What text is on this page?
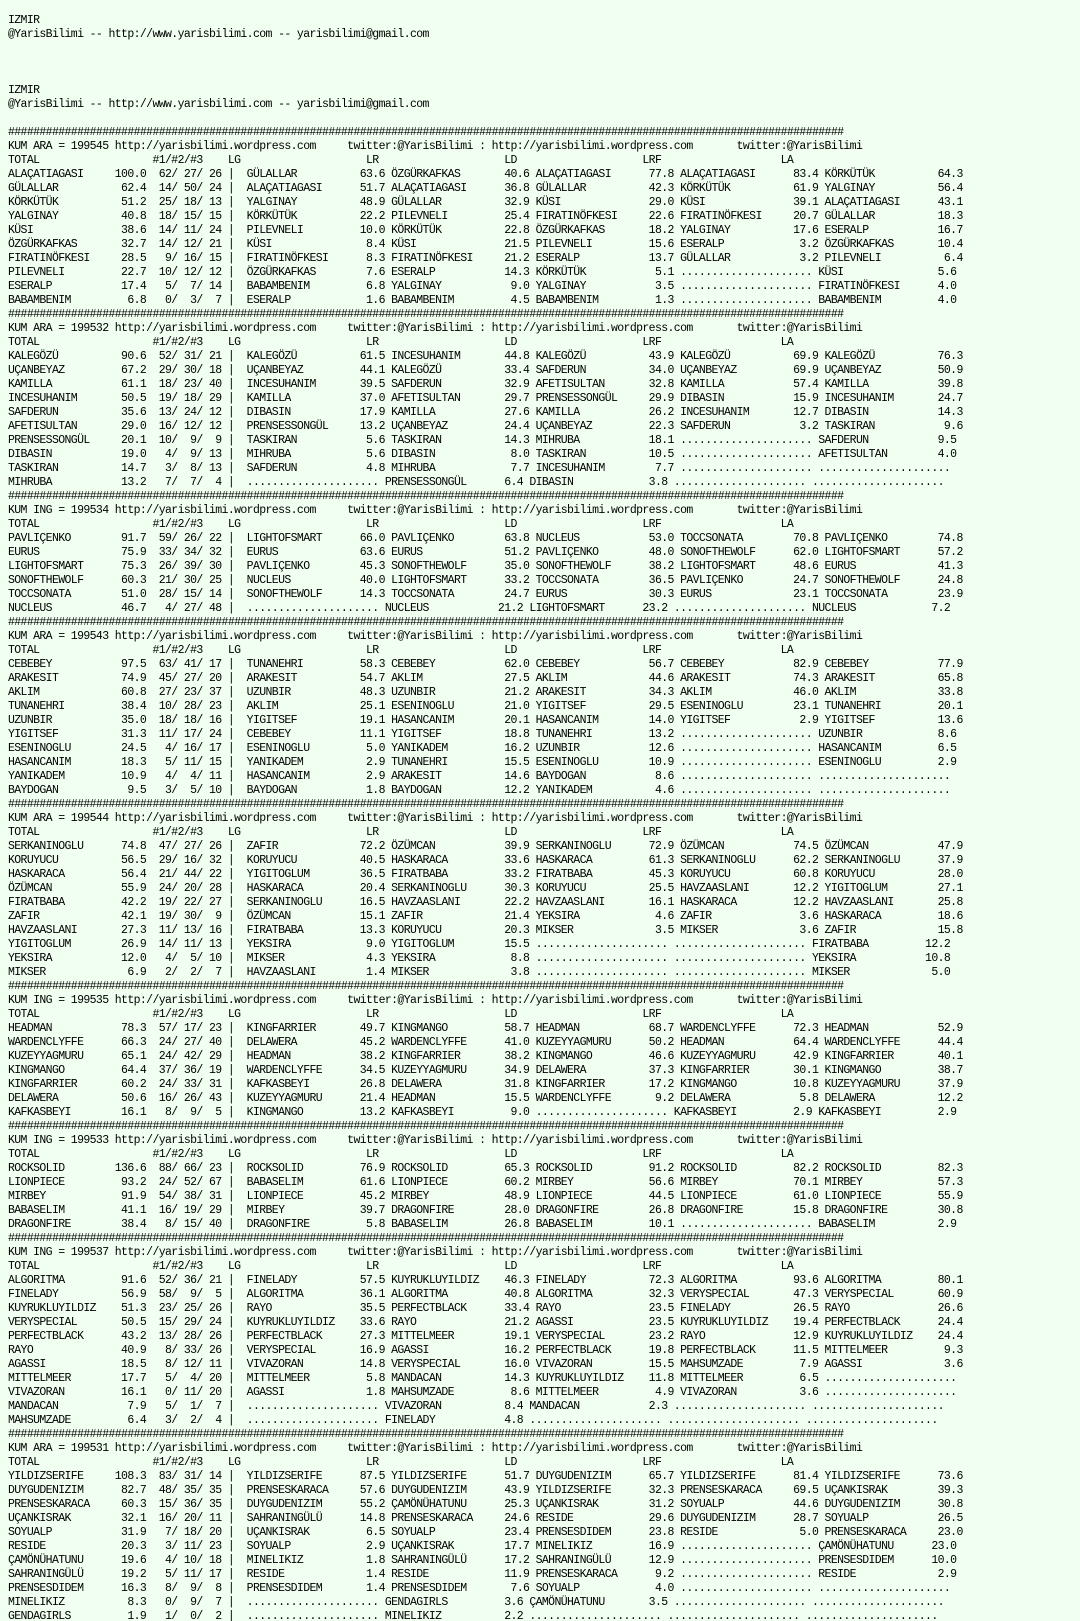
IZMIR
@YarisBilimi -- http://www.yarisbilimi.com -- yarisbilimi@gmail.com

IZMIR
@YarisBilimi -- http://www.yarisbilimi.com -- yarisbilimi@gmail.com

#####################################################################################################################################
KUM ARA = 199545 http://yarisbilimi.wordpress.com     twitter:@YarisBilimi : http://yarisbilimi.wordpress.com       twitter:@YarisBilimi
TOTAL                  #1/#2/#3    LG                    LR                    LD                    LRF                   LA
ALAÇATIAGASI     100.0  62/ 27/ 26 |  GÜLALLAR          63.6 ÖZGÜRKAFKAS       40.6 ALAÇATIAGASI      77.8 ALAÇATIAGASI      83.4 KÖRKÜTÜK          64.3
GÜLALLAR          62.4  14/ 50/ 24 |  ALAÇATIAGASI      51.7 ALAÇATIAGASI      36.8 GÜLALLAR          42.3 KÖRKÜTÜK          61.9 YALGINAY          56.4
KÖRKÜTÜK          51.2  25/ 18/ 13 |  YALGINAY          48.9 GÜLALLAR          32.9 KÜSI              29.0 KÜSI              39.1 ALAÇATIAGASI      43.1
YALGINAY          40.8  18/ 15/ 15 |  KÖRKÜTÜK          22.2 PILEVNELI         25.4 FIRATINÖFKESI     22.6 FIRATINÖFKESI     20.7 GÜLALLAR          18.3
KÜSI              38.6  14/ 11/ 24 |  PILEVNELI         10.0 KÖRKÜTÜK          22.8 ÖZGÜRKAFKAS       18.2 YALGINAY          17.6 ESERALP           16.7
ÖZGÜRKAFKAS       32.7  14/ 12/ 21 |  KÜSI               8.4 KÜSI              21.5 PILEVNELI         15.6 ESERALP            3.2 ÖZGÜRKAFKAS       10.4
FIRATINÖFKESI     28.5   9/ 16/ 15 |  FIRATINÖFKESI      8.3 FIRATINÖFKESI     21.2 ESERALP           13.7 GÜLALLAR           3.2 PILEVNELI          6.4
PILEVNELI         22.7  10/ 12/ 12 |  ÖZGÜRKAFKAS        7.6 ESERALP           14.3 KÖRKÜTÜK           5.1 ..................... KÜSI               5.6
ESERALP           17.4   5/  7/ 14 |  BABAMBENIM         6.8 YALGINAY           9.0 YALGINAY           3.5 ..................... FIRATINÖFKESI      4.0
BABAMBENIM         6.8   0/  3/  7 |  ESERALP            1.6 BABAMBENIM         4.5 BABAMBENIM         1.3 ..................... BABAMBENIM         4.0
#####################################################################################################################################
KUM ARA = 199532 http://yarisbilimi.wordpress.com     twitter:@YarisBilimi : http://yarisbilimi.wordpress.com       twitter:@YarisBilimi
TOTAL                  #1/#2/#3    LG                    LR                    LD                    LRF                   LA
KALEGÖZÜ          90.6  52/ 31/ 21 |  KALEGÖZÜ          61.5 INCESUHANIM       44.8 KALEGÖZÜ          43.9 KALEGÖZÜ          69.9 KALEGÖZÜ          76.3
UÇANBEYAZ         67.2  29/ 30/ 18 |  UÇANBEYAZ         44.1 KALEGÖZÜ          33.4 SAFDERUN          34.0 UÇANBEYAZ         69.9 UÇANBEYAZ         50.9
KAMILLA           61.1  18/ 23/ 40 |  INCESUHANIM       39.5 SAFDERUN          32.9 AFETISULTAN       32.8 KAMILLA           57.4 KAMILLA           39.8
INCESUHANIM       50.5  19/ 18/ 29 |  KAMILLA           37.0 AFETISULTAN       29.7 PRENSESSONGÜL     29.9 DIBASIN           15.9 INCESUHANIM       24.7
SAFDERUN          35.6  13/ 24/ 12 |  DIBASIN           17.9 KAMILLA           27.6 KAMILLA           26.2 INCESUHANIM       12.7 DIBASIN           14.3
AFETISULTAN       29.0  16/ 12/ 12 |  PRENSESSONGÜL     13.2 UÇANBEYAZ         24.4 UÇANBEYAZ         22.3 SAFDERUN           3.2 TASKIRAN           9.6
PRENSESSONGÜL     20.1  10/  9/  9 |  TASKIRAN           5.6 TASKIRAN          14.3 MIHRUBA           18.1 ..................... SAFDERUN           9.5
DIBASIN           19.0   4/  9/ 13 |  MIHRUBA            5.6 DIBASIN            8.0 TASKIRAN          10.5 ..................... AFETISULTAN        4.0
TASKIRAN          14.7   3/  8/ 13 |  SAFDERUN           4.8 MIHRUBA            7.7 INCESUHANIM        7.7 ..................... .....................
MIHRUBA           13.2   7/  7/  4 |  ..................... PRENSESSONGÜL      6.4 DIBASIN            3.8 ..................... .....................
#####################################################################################################################################
KUM ING = 199534 http://yarisbilimi.wordpress.com     twitter:@YarisBilimi : http://yarisbilimi.wordpress.com       twitter:@YarisBilimi
TOTAL                  #1/#2/#3    LG                    LR                    LD                    LRF                   LA
PAVLIÇENKO        91.7  59/ 26/ 22 |  LIGHTOFSMART      66.0 PAVLIÇENKO        63.8 NUCLEUS           53.0 TOCCSONATA        70.8 PAVLIÇENKO        74.8
EURUS             75.9  33/ 34/ 32 |  EURUS             63.6 EURUS             51.2 PAVLIÇENKO        48.0 SONOFTHEWOLF      62.0 LIGHTOFSMART      57.2
LIGHTOFSMART      75.3  26/ 39/ 30 |  PAVLIÇENKO        45.3 SONOFTHEWOLF      35.0 SONOFTHEWOLF      38.2 LIGHTOFSMART      48.6 EURUS             41.3
SONOFTHEWOLF      60.3  21/ 30/ 25 |  NUCLEUS           40.0 LIGHTOFSMART      33.2 TOCCSONATA        36.5 PAVLIÇENKO        24.7 SONOFTHEWOLF      24.8
TOCCSONATA        51.0  28/ 15/ 14 |  SONOFTHEWOLF      14.3 TOCCSONATA        24.7 EURUS             30.3 EURUS             23.1 TOCCSONATA        23.9
NUCLEUS           46.7   4/ 27/ 48 |  ..................... NUCLEUS           21.2 LIGHTOFSMART      23.2 ..................... NUCLEUS            7.2
#####################################################################################################################################
KUM ARA = 199543 http://yarisbilimi.wordpress.com     twitter:@YarisBilimi : http://yarisbilimi.wordpress.com       twitter:@YarisBilimi
TOTAL                  #1/#2/#3    LG                    LR                    LD                    LRF                   LA
CEBEBEY           97.5  63/ 41/ 17 |  TUNANEHRI         58.3 CEBEBEY           62.0 CEBEBEY           56.7 CEBEBEY           82.9 CEBEBEY           77.9
ARAKESIT          74.9  45/ 27/ 20 |  ARAKESIT          54.7 AKLIM             27.5 AKLIM             44.6 ARAKESIT          74.3 ARAKESIT          65.8
AKLIM             60.8  27/ 23/ 37 |  UZUNBIR           48.3 UZUNBIR           21.2 ARAKESIT          34.3 AKLIM             46.0 AKLIM             33.8
TUNANEHRI         38.4  10/ 28/ 23 |  AKLIM             25.1 ESENINOGLU        21.0 YIGITSEF          29.5 ESENINOGLU        23.1 TUNANEHRI         20.1
UZUNBIR           35.0  18/ 18/ 16 |  YIGITSEF          19.1 HASANCANIM        20.1 HASANCANIM        14.0 YIGITSEF           2.9 YIGITSEF          13.6
YIGITSEF          31.3  11/ 17/ 24 |  CEBEBEY           11.1 YIGITSEF          18.8 TUNANEHRI         13.2 ..................... UZUNBIR            8.6
ESENINOGLU        24.5   4/ 16/ 17 |  ESENINOGLU         5.0 YANIKADEM         16.2 UZUNBIR           12.6 ..................... HASANCANIM         6.5
HASANCANIM        18.3   5/ 11/ 15 |  YANIKADEM          2.9 TUNANEHRI         15.5 ESENINOGLU        10.9 ..................... ESENINOGLU         2.9
YANIKADEM         10.9   4/  4/ 11 |  HASANCANIM         2.9 ARAKESIT          14.6 BAYDOGAN           8.6 ..................... .....................
BAYDOGAN           9.5   3/  5/ 10 |  BAYDOGAN           1.8 BAYDOGAN          12.2 YANIKADEM          4.6 ..................... .....................
#####################################################################################################################################
KUM ARA = 199544 http://yarisbilimi.wordpress.com     twitter:@YarisBilimi : http://yarisbilimi.wordpress.com       twitter:@YarisBilimi
TOTAL                  #1/#2/#3    LG                    LR                    LD                    LRF                   LA
SERKANINOGLU      74.8  47/ 27/ 26 |  ZAFIR             72.2 ÖZÜMCAN           39.9 SERKANINOGLU      72.9 ÖZÜMCAN           74.5 ÖZÜMCAN           47.9
KORUYUCU          56.5  29/ 16/ 32 |  KORUYUCU          40.5 HASKARACA         33.6 HASKARACA         61.3 SERKANINOGLU      62.2 SERKANINOGLU      37.9
HASKARACA         56.4  21/ 44/ 22 |  YIGITOGLUM        36.5 FIRATBABA         33.2 FIRATBABA         45.3 KORUYUCU          60.8 KORUYUCU          28.0
ÖZÜMCAN           55.9  24/ 20/ 28 |  HASKARACA         20.4 SERKANINOGLU      30.3 KORUYUCU          25.5 HAVZAASLANI       12.2 YIGITOGLUM        27.1
FIRATBABA         42.2  19/ 22/ 27 |  SERKANINOGLU      16.5 HAVZAASLANI       22.2 HAVZAASLANI       16.1 HASKARACA         12.2 HAVZAASLANI       25.8
ZAFIR             42.1  19/ 30/  9 |  ÖZÜMCAN           15.1 ZAFIR             21.4 YEKSIRA            4.6 ZAFIR              3.6 HASKARACA         18.6
HAVZAASLANI       27.3  11/ 13/ 16 |  FIRATBABA         13.3 KORUYUCU          20.3 MIKSER             3.5 MIKSER             3.6 ZAFIR             15.8
YIGITOGLUM        26.9  14/ 11/ 13 |  YEKSIRA            9.0 YIGITOGLUM        15.5 ..................... ..................... FIRATBABA         12.2
YEKSIRA           12.0   4/  5/ 10 |  MIKSER             4.3 YEKSIRA            8.8 ..................... ..................... YEKSIRA           10.8
MIKSER             6.9   2/  2/  7 |  HAVZAASLANI        1.4 MIKSER             3.8 ..................... ..................... MIKSER             5.0
#####################################################################################################################################
KUM ING = 199535 http://yarisbilimi.wordpress.com     twitter:@YarisBilimi : http://yarisbilimi.wordpress.com       twitter:@YarisBilimi
TOTAL                  #1/#2/#3    LG                    LR                    LD                    LRF                   LA
HEADMAN           78.3  57/ 17/ 23 |  KINGFARRIER       49.7 KINGMANGO         58.7 HEADMAN           68.7 WARDENCLYFFE      72.3 HEADMAN           52.9
WARDENCLYFFE      66.3  24/ 27/ 40 |  DELAWERA          45.2 WARDENCLYFFE      41.0 KUZEYYAGMURU      50.2 HEADMAN           64.4 WARDENCLYFFE      44.4
KUZEYYAGMURU      65.1  24/ 42/ 29 |  HEADMAN           38.2 KINGFARRIER       38.2 KINGMANGO         46.6 KUZEYYAGMURU      42.9 KINGFARRIER       40.1
KINGMANGO         64.4  37/ 36/ 19 |  WARDENCLYFFE      34.5 KUZEYYAGMURU      34.9 DELAWERA          37.3 KINGFARRIER       30.1 KINGMANGO         38.7
KINGFARRIER       60.2  24/ 33/ 31 |  KAFKASBEYI        26.8 DELAWERA          31.8 KINGFARRIER       17.2 KINGMANGO         10.8 KUZEYYAGMURU      37.9
DELAWERA          50.6  16/ 26/ 43 |  KUZEYYAGMURU      21.4 HEADMAN           15.5 WARDENCLYFFE       9.2 DELAWERA           5.8 DELAWERA          12.2
KAFKASBEYI        16.1   8/  9/  5 |  KINGMANGO         13.2 KAFKASBEYI         9.0 ..................... KAFKASBEYI         2.9 KAFKASBEYI         2.9
#####################################################################################################################################
KUM ING = 199533 http://yarisbilimi.wordpress.com     twitter:@YarisBilimi : http://yarisbilimi.wordpress.com       twitter:@YarisBilimi
TOTAL                  #1/#2/#3    LG                    LR                    LD                    LRF                   LA
ROCKSOLID        136.6  88/ 66/ 23 |  ROCKSOLID         76.9 ROCKSOLID         65.3 ROCKSOLID         91.2 ROCKSOLID         82.2 ROCKSOLID         82.3
LIONPIECE         93.2  24/ 52/ 67 |  BABASELIM         61.6 LIONPIECE         60.2 MIRBEY            56.6 MIRBEY            70.1 MIRBEY            57.3
MIRBEY            91.9  54/ 38/ 31 |  LIONPIECE         45.2 MIRBEY            48.9 LIONPIECE         44.5 LIONPIECE         61.0 LIONPIECE         55.9
BABASELIM         41.1  16/ 19/ 29 |  MIRBEY            39.7 DRAGONFIRE        28.0 DRAGONFIRE        26.8 DRAGONFIRE        15.8 DRAGONFIRE        30.8
DRAGONFIRE        38.4   8/ 15/ 40 |  DRAGONFIRE         5.8 BABASELIM         26.8 BABASELIM         10.1 ..................... BABASELIM          2.9
#####################################################################################################################################
KUM ING = 199537 http://yarisbilimi.wordpress.com     twitter:@YarisBilimi : http://yarisbilimi.wordpress.com       twitter:@YarisBilimi
TOTAL                  #1/#2/#3    LG                    LR                    LD                    LRF                   LA
ALGORITMA         91.6  52/ 36/ 21 |  FINELADY          57.5 KUYRUKLUYILDIZ    46.3 FINELADY          72.3 ALGORITMA         93.6 ALGORITMA         80.1
FINELADY          56.9  58/  9/  5 |  ALGORITMA         36.1 ALGORITMA         40.8 ALGORITMA         32.3 VERYSPECIAL       47.3 VERYSPECIAL       60.9
KUYRUKLUYILDIZ    51.3  23/ 25/ 26 |  RAYO              35.5 PERFECTBLACK      33.4 RAYO              23.5 FINELADY          26.5 RAYO              26.6
VERYSPECIAL       50.5  15/ 29/ 24 |  KUYRUKLUYILDIZ    33.6 RAYO              21.2 AGASSI            23.5 KUYRUKLUYILDIZ    19.4 PERFECTBLACK      24.4
PERFECTBLACK      43.2  13/ 28/ 26 |  PERFECTBLACK      27.3 MITTELMEER        19.1 VERYSPECIAL       23.2 RAYO              12.9 KUYRUKLUYILDIZ    24.4
RAYO              40.9   8/ 33/ 26 |  VERYSPECIAL       16.9 AGASSI            16.2 PERFECTBLACK      19.8 PERFECTBLACK      11.5 MITTELMEER         9.3
AGASSI            18.5   8/ 12/ 11 |  VIVAZORAN         14.8 VERYSPECIAL       16.0 VIVAZORAN         15.5 MAHSUMZADE         7.9 AGASSI             3.6
MITTELMEER        17.7   5/  4/ 20 |  MITTELMEER         5.8 MANDACAN          14.3 KUYRUKLUYILDIZ    11.8 MITTELMEER         6.5 .....................
VIVAZORAN         16.1   0/ 11/ 20 |  AGASSI             1.8 MAHSUMZADE         8.6 MITTELMEER         4.9 VIVAZORAN          3.6 .....................
MANDACAN           7.9   5/  1/  7 |  ..................... VIVAZORAN          8.4 MANDACAN           2.3 ..................... .....................
MAHSUMZADE         6.4   3/  2/  4 |  ..................... FINELADY           4.8 ..................... ..................... .....................
#####################################################################################################################################
KUM ARA = 199531 http://yarisbilimi.wordpress.com     twitter:@YarisBilimi : http://yarisbilimi.wordpress.com       twitter:@YarisBilimi
TOTAL                  #1/#2/#3    LG                    LR                    LD                    LRF                   LA
YILDIZSERIFE     108.3  83/ 31/ 14 |  YILDIZSERIFE      87.5 YILDIZSERIFE      51.7 DUYGUDENIZIM      65.7 YILDIZSERIFE      81.4 YILDIZSERIFE      73.6
DUYGUDENIZIM      82.7  48/ 35/ 35 |  PRENSESKARACA     57.6 DUYGUDENIZIM      43.9 YILDIZSERIFE      32.3 PRENSESKARACA     69.5 UÇANKISRAK        39.3
PRENSESKARACA     60.3  15/ 36/ 35 |  DUYGUDENIZIM      55.2 ÇAMÖNÜHATUNU      25.3 UÇANKISRAK        31.2 SOYUALP           44.6 DUYGUDENIZIM      30.8
UÇANKISRAK        32.1  16/ 20/ 11 |  SAHRANINGÜLÜ      14.8 PRENSESKARACA     24.6 RESIDE            29.6 DUYGUDENIZIM      28.7 SOYUALP           26.5
SOYUALP           31.9   7/ 18/ 20 |  UÇANKISRAK         6.5 SOYUALP           23.4 PRENSESDIDEM      23.8 RESIDE             5.0 PRENSESKARACA     23.0
RESIDE            20.3   3/ 11/ 23 |  SOYUALP            2.9 UÇANKISRAK        17.7 MINELIKIZ         16.9 ..................... ÇAMÖNÜHATUNU      23.0
ÇAMÖNÜHATUNU      19.6   4/ 10/ 18 |  MINELIKIZ          1.8 SAHRANINGÜLÜ      17.2 SAHRANINGÜLÜ      12.9 ..................... PRENSESDIDEM      10.0
SAHRANINGÜLÜ      19.2   5/ 11/ 17 |  RESIDE             1.4 RESIDE            11.9 PRENSESKARACA      9.2 ..................... RESIDE             2.9
PRENSESDIDEM      16.3   8/  9/  8 |  PRENSESDIDEM       1.4 PRENSESDIDEM       7.6 SOYUALP            4.0 ..................... .....................
MINELIKIZ          8.3   0/  9/  7 |  ..................... GENDAGIRLS         3.6 ÇAMÖNÜHATUNU       3.5 ..................... .....................
GENDAGIRLS         1.9   1/  0/  2 |  ..................... MINELIKIZ          2.2 ..................... ..................... .....................
